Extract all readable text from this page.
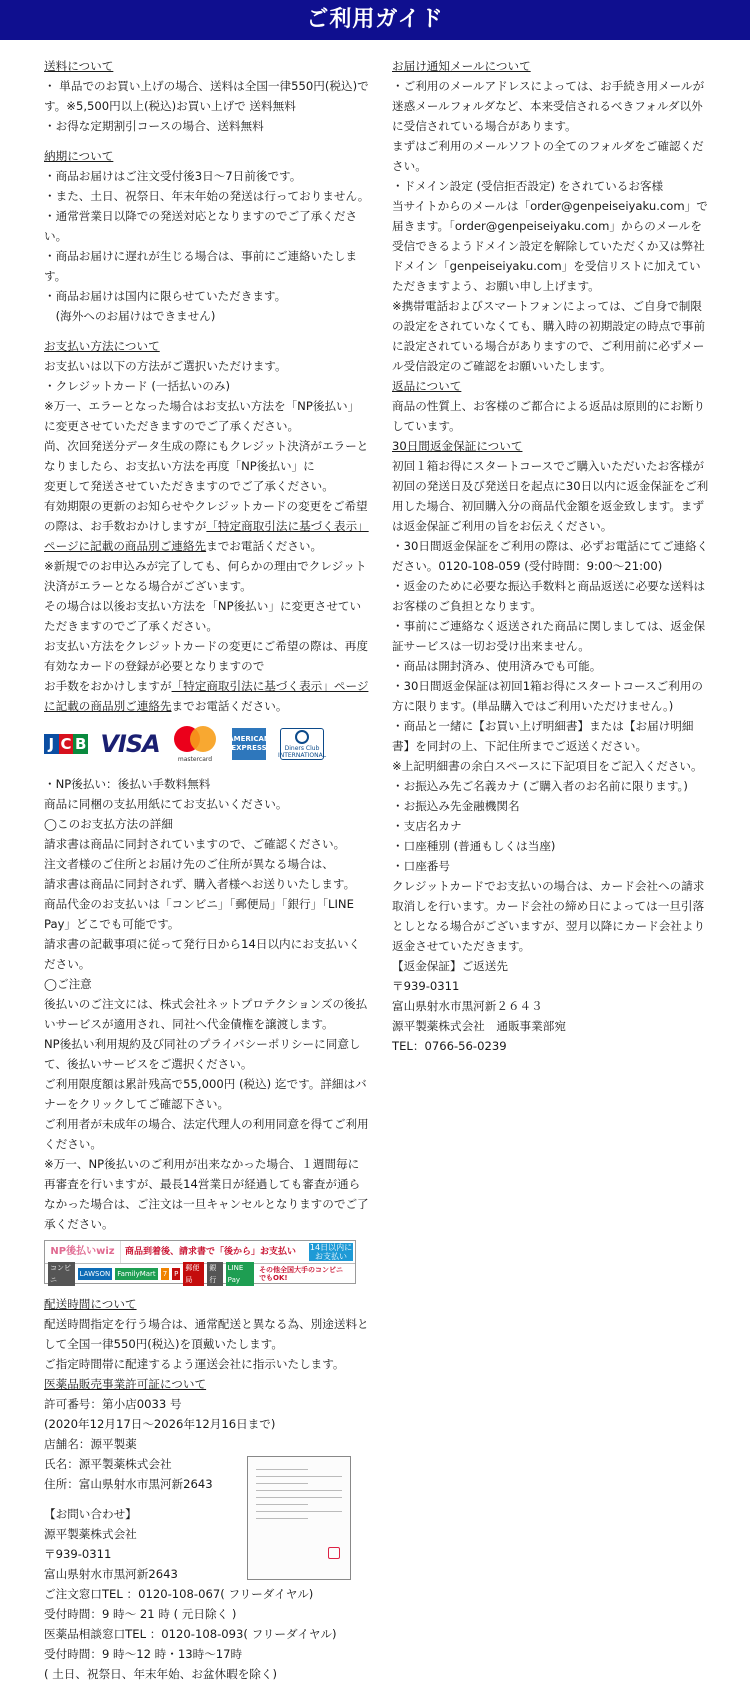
ご利用ガイド
送料について
・ 単品でのお買い上げの場合、送料は全国一律550円(税込)です。※5,500円以上(税込)お買い上げで 送料無料
・お得な定期割引コースの場合、送料無料
納期について
・商品お届けはご注文受付後3日〜7日前後です。
・また、土日、祝祭日、年末年始の発送は行っておりません。
・通常営業日以降での発送対応となりますのでご了承ください。
・商品お届けに遅れが生じる場合は、事前にご連絡いたします。
・商品お届けは国内に限らせていただきます。
　(海外へのお届けはできません)
お支払い方法について
お支払いは以下の方法がご選択いただけます。
・クレジットカード (一括払いのみ)
※万一、エラーとなった場合はお支払い方法を「NP後払い」に変更させていただきますのでご了承ください。
尚、次回発送分データ生成の際にもクレジット決済がエラーとなりましたら、お支払い方法を再度「NP後払い」に
変更して発送させていただきますのでご了承ください。
有効期限の更新のお知らせやクレジットカードの変更をご希望の際は、お手数おかけしますが「特定商取引法に基づく表示」ページに記載の商品別ご連絡先までお電話ください。
※新規でのお申込みが完了しても、何らかの理由でクレジット決済がエラーとなる場合がございます。
その場合は以後お支払い方法を「NP後払い」に変更させていただきますのでご了承ください。
お支払い方法をクレジットカードの変更にご希望の際は、再度有効なカードの登録が必要となりますので
お手数をおかけしますが「特定商取引法に基づく表示」ページに記載の商品別ご連絡先までお電話ください。
J C B VISA
mastercard
AMERICAN EXPRESS	Diners Club INTERNATIONAL
・NP後払い：後払い手数料無料
商品に同梱の支払用紙にてお支払いください。
◯このお支払方法の詳細
請求書は商品に同封されていますので、ご確認ください。
注文者様のご住所とお届け先のご住所が異なる場合は、
請求書は商品に同封されず、購入者様へお送りいたします。
商品代金のお支払いは「コンビニ」「郵便局」「銀行」「LINE Pay」どこでも可能です。
請求書の記載事項に従って発行日から14日以内にお支払いください。
◯ご注意
後払いのご注文には、株式会社ネットプロテクションズの後払いサービスが適用され、同社へ代金債権を譲渡します。
NP後払い利用規約及び同社のプライバシーポリシーに同意して、後払いサービスをご選択ください。
ご利用限度額は累計残高で55,000円 (税込) 迄です。詳細はバナーをクリックしてご確認下さい。
ご利用者が未成年の場合、法定代理人の利用同意を得てご利用ください。
※万一、NP後払いのご利用が出来なかった場合、１週間毎に再審査を行いますが、最長14営業日が経過しても審査が通らなかった場合は、ご注文は一旦キャンセルとなりますのでご了承ください。
NP後払いwiz	商品到着後、請求書で「後から」お支払い	14日以内にお支払い
コンビニ
LAWSON FamilyMart 7 P
郵便局
銀行
LINE Pay
その他全国大手のコンビニでもOK!
配送時間について
配送時間指定を行う場合は、通常配送と異なる為、別途送料として全国一律550円(税込)を頂戴いたします。
ご指定時間帯に配達するよう運送会社に指示いたします。
医薬品販売事業許可証について
許可番号：第小店0033 号
(2020年12月17日〜2026年12月16日まで)
店舗名：源平製薬
氏名：源平製薬株式会社
住所：富山県射水市黒河新2643
【お問い合わせ】
源平製薬株式会社
〒939-0311
富山県射水市黒河新2643
ご注文窓口TEL ：0120-108-067( フリーダイヤル)
受付時間：9 時〜 21 時 ( 元日除く )
医薬品相談窓口TEL ：0120-108-093( フリーダイヤル)
受付時間：9 時〜12 時・13時〜17時
( 土日、祝祭日、年末年始、お盆休暇を除く)
お届け通知メールについて
・ご利用のメールアドレスによっては、お手続き用メールが迷惑メールフォルダなど、本来受信されるべきフォルダ以外に受信されている場合があります。
まずはご利用のメールソフトの全てのフォルダをご確認ください。
・ドメイン設定 (受信拒否設定) をされているお客様
当サイトからのメールは「order@genpeiseiyaku.com」で届きます。「order@genpeiseiyaku.com」からのメールを受信できるようドメイン設定を解除していただくか又は弊社ドメイン「genpeiseiyaku.com」を受信リストに加えていただきますよう、お願い申し上げます。
※携帯電話およびスマートフォンによっては、ご自身で制限の設定をされていなくても、購入時の初期設定の時点で事前に設定されている場合がありますので、ご利用前に必ずメール受信設定のご確認をお願いいたします。
返品について
商品の性質上、お客様のご都合による返品は原則的にお断りしています。
30日間返金保証について
初回１箱お得にスタートコースでご購入いただいたお客様が初回の発送日及び発送日を起点に30日以内に返金保証をご利用した場合、初回購入分の商品代金額を返金致します。まずは返金保証ご利用の旨をお伝えください。
・30日間返金保証をご利用の際は、必ずお電話にてご連絡ください。0120-108-059 (受付時間：9:00〜21:00)
・返金のために必要な振込手数料と商品返送に必要な送料はお客様のご負担となります。
・事前にご連絡なく返送された商品に関しましては、返金保証サービスは一切お受け出来ません。
・商品は開封済み、使用済みでも可能。
・30日間返金保証は初回1箱お得にスタートコースご利用の方に限ります。(単品購入ではご利用いただけません。)
・商品と一緒に【お買い上げ明細書】または【お届け明細書】を同封の上、下記住所までご返送ください。
※上記明細書の余白スペースに下記項目をご記入ください。
・お振込み先ご名義カナ (ご購入者のお名前に限ります。)
・お振込み先金融機関名
・支店名カナ
・口座種別 (普通もしくは当座)
・口座番号
クレジットカードでお支払いの場合は、カード会社への請求取消しを行います。カード会社の締め日によっては一旦引落としとなる場合がございますが、翌月以降にカード会社より返金させていただきます。
【返金保証】ご返送先
〒939-0311
富山県射水市黒河新２６４３
源平製薬株式会社　通販事業部宛
TEL：0766-56-0239
